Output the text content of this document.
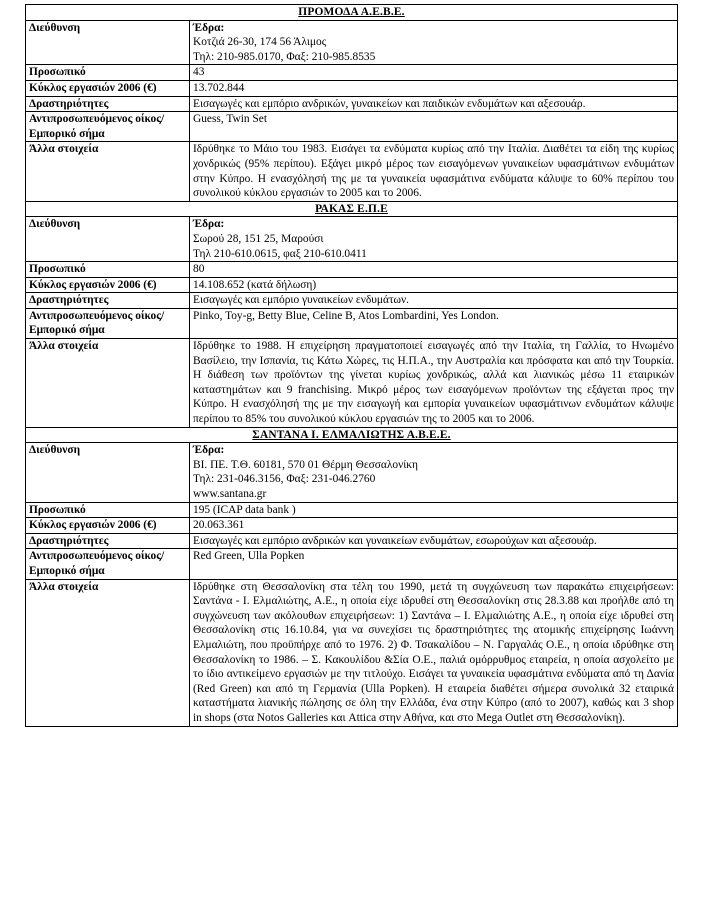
ΠΡΟΜΟΔΑ Α.Ε.Β.Ε.	
Διεύθυνση	Έδρα:
Κοτζιά 26-30, 174 56 Άλιμος
Τηλ: 210-985.0170, Φαξ: 210-985.8535

Προσωπικό	43
Κύκλος εργασιών 2006 (€)	13.702.844
Δραστηριότητες	Εισαγωγές και εμπόριο ανδρικών, γυναικείων και παιδικών ενδυμάτων και αξεσουάρ.

Αντιπροσωπευόμενος οίκος/
Εμπορικό σήμα	Guess, Twin Set
Άλλα στοιχεία	Ιδρύθηκε το Μάιο του 1983. Εισάγει τα ενδύματα κυρίως από την Ιταλία. Διαθέτει τα είδη της κυρίως χονδρικώς (95% περίπου). Εξάγει μικρό μέρος των εισαγόμενων γυναικείων υφασμάτινων ενδυμάτων στην Κύπρο. Η ενασχόλησή της με τα γυναικεία υφασμάτινα ενδύματα κάλυψε το 60% περίπου του συνολικού κύκλου εργασιών το 2005 και το 2006.
ΡΑΚΑΣ Ε.Π.Ε	
Διεύθυνση	Έδρα:
Σωρού 28, 151 25, Μαρούσι
Τηλ 210-610.0615, φαξ 210-610.0411

Προσωπικό	80
Κύκλος εργασιών 2006 (€)	14.108.652 (κατά δήλωση)
Δραστηριότητες	Εισαγωγές και εμπόριο γυναικείων ενδυμάτων.

Αντιπροσωπευόμενος οίκος/
Εμπορικό σήμα	Pinko, Toy-g, Betty Blue, Celine B, Atos Lombardini, Yes London.
Άλλα στοιχεία	Ιδρύθηκε το 1988. Η επιχείρηση πραγματοποιεί εισαγωγές από την Ιταλία, τη Γαλλία, το Ηνωμένο Βασίλειο, την Ισπανία, τις Κάτω Χώρες, τις Η.Π.Α., την Αυστραλία και πρόσφατα και από την Τουρκία. Η διάθεση των προϊόντων της γίνεται κυρίως χονδρικώς, αλλά και λιανικώς μέσω 11 εταιρικών καταστημάτων και 9 franchising. Μικρό μέρος των εισαγόμενων προϊόντων της εξάγεται προς την Κύπρο. Η ενασχόλησή της με την εισαγωγή και εμπορία γυναικείων υφασμάτινων ενδυμάτων κάλυψε περίπου το 85% του συνολικού κύκλου εργασιών της το 2005 και το 2006.
ΣΑΝΤΑΝΑ Ι. ΕΛΜΑΛΙΩΤΗΣ Α.Β.Ε.Ε.	
Διεύθυνση	Έδρα:
ΒΙ. ΠΕ. Τ.Θ. 60181, 570 01 Θέρμη Θεσσαλονίκη
Τηλ: 231-046.3156, Φαξ: 231-046.2760
www.santana.gr

Προσωπικό	195 (ICAP data bank )
Κύκλος εργασιών 2006 (€)	20.063.361
Δραστηριότητες	Εισαγωγές και εμπόριο ανδρικών και γυναικείων ενδυμάτων, εσωρούχων και αξεσουάρ.

Αντιπροσωπευόμενος οίκος/
Εμπορικό σήμα	Red Green, Ulla Popken
Άλλα στοιχεία	Ιδρύθηκε στη Θεσσαλονίκη στα τέλη του 1990, μετά τη συγχώνευση των παρακάτω επιχειρήσεων: Σαντάνα - Ι. Ελμαλιώτης, Α.Ε., η οποία είχε ιδρυθεί στη Θεσσαλονίκη στις 28.3.88 και προήλθε από τη συγχώνευση των ακόλουθων επιχειρήσεων: 1) Σαντάνα – Ι. Ελμαλιώτης Α.Ε., η οποία είχε ιδρυθεί στη Θεσσαλονίκη στις 16.10.84, για να συνεχίσει τις δραστηριότητες της ατομικής επιχείρησης Ιωάννη Ελμαλιώτη, που προϋπήρχε από το 1976. 2) Φ. Τσακαλίδου – Ν. Γαργαλάς Ο.Ε., η οποία ιδρύθηκε στη Θεσσαλονίκη το 1986. – Σ. Κακουλίδου &Σία Ο.Ε., παλιά ομόρρυθμος εταιρεία, η οποία ασχολείτο με το ίδιο αντικείμενο εργασιών με την τιτλούχο. Εισάγει τα γυναικεία υφασμάτινα ενδύματα από τη Δανία (Red Green) και από τη Γερμανία (Ulla Popken). Η εταιρεία διαθέτει σήμερα συνολικά 32 εταιρικά καταστήματα λιανικής πώλησης σε όλη την Ελλάδα, ένα στην Κύπρο (από το 2007), καθώς και 3 shop in shops (στα Notos Galleries και Attica στην Αθήνα, και στο Mega Outlet στη Θεσσαλονίκη).
